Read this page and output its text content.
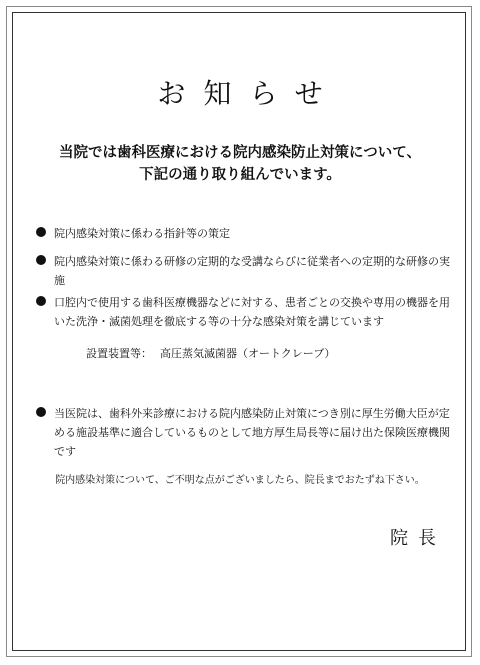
お知らせ
当院では歯科医療における院内感染防止対策について、
下記の通り取り組んでいます。
院内感染対策に係わる指針等の策定
院内感染対策に係わる研修の定期的な受講ならびに従業者への定期的な研修の実施
口腔内で使用する歯科医療機器などに対する、患者ごとの交換や専用の機器を用いた洗浄・滅菌処理を徹底する等の十分な感染対策を講じています
設置装置等： 高圧蒸気滅菌器（オートクレーブ）
当医院は、歯科外来診療における院内感染防止対策につき別に厚生労働大臣が定める施設基準に適合しているものとして地方厚生局長等に届け出た保険医療機関です
院内感染対策について、ご不明な点がございましたら、院長までおたずね下さい。
院長
